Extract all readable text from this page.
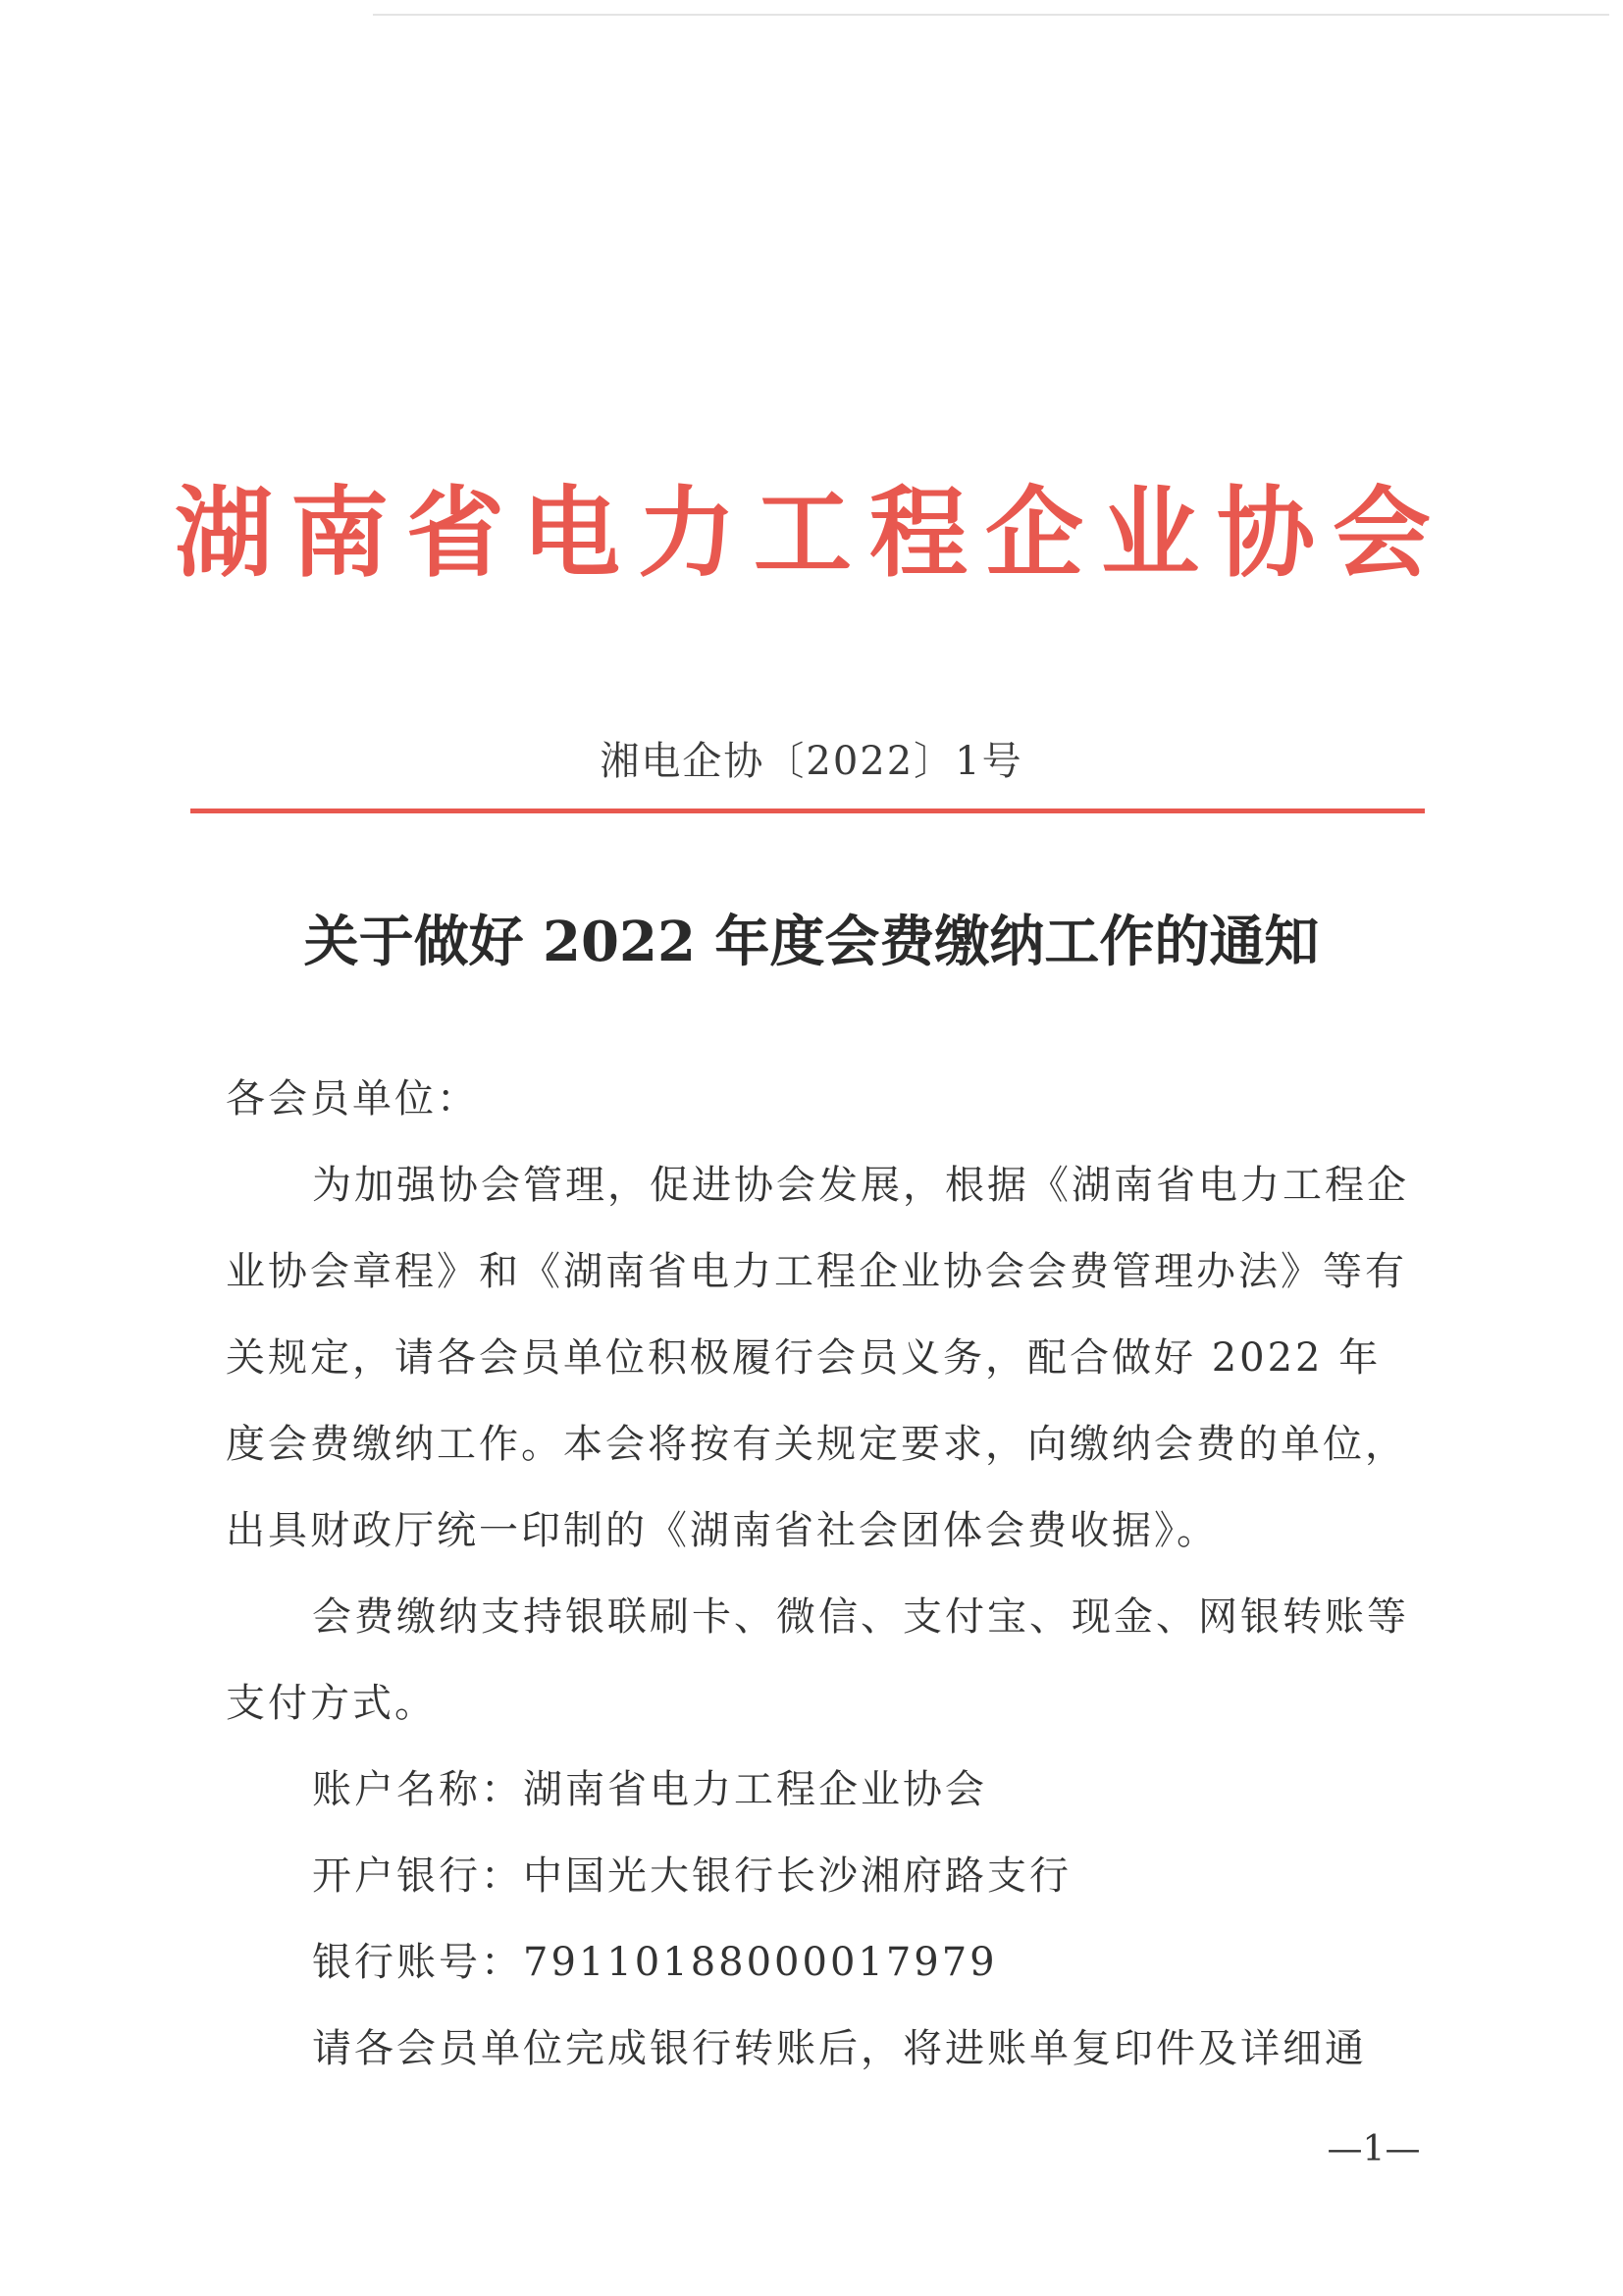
湖南省电力工程企业协会
湘电企协〔2022〕1号
关于做好 2022 年度会费缴纳工作的通知
各会员单位：
为加强协会管理，促进协会发展，根据《湖南省电力工程企业协会章程》和《湖南省电力工程企业协会会费管理办法》等有关规定，请各会员单位积极履行会员义务，配合做好 2022 年度会费缴纳工作。本会将按有关规定要求，向缴纳会费的单位，出具财政厅统一印制的《湖南省社会团体会费收据》。
会费缴纳支持银联刷卡、微信、支付宝、现金、网银转账等支付方式。
账户名称：湖南省电力工程企业协会
开户银行：中国光大银行长沙湘府路支行
银行账号：79110188000017979
请各会员单位完成银行转账后，将进账单复印件及详细通
—1—
